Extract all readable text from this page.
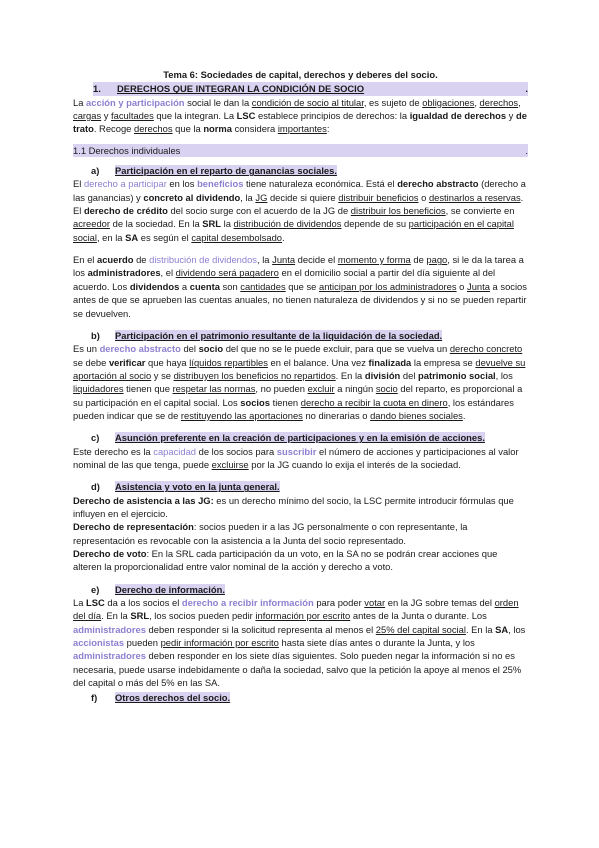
Tema 6: Sociedades de capital, derechos y deberes del socio.
1.	DERECHOS QUE INTEGRAN LA CONDICIÓN DE SOCIO	.

La acción y participación social le dan la condición de socio al titular, es sujeto de obligaciones, derechos, cargas y facultades que la integran. La LSC establece principios de derechos: la igualdad de derechos y de trato. Recoge derechos que la norma considera importantes:

1.1 Derechos individuales	.
a) Participación en el reparto de ganancias sociales.

El derecho a participar en los beneficios tiene naturaleza económica. Está el derecho abstracto (derecho a las ganancias) y concreto al dividendo, la JG decide si quiere distribuir beneficios o destinarlos a reservas. El derecho de crédito del socio surge con el acuerdo de la JG de distribuir los beneficios, se convierte en acreedor de la sociedad. En la SRL la distribución de dividendos depende de su participación en el capital social, en la SA es según el capital desembolsado.

En el acuerdo de distribución de dividendos, la Junta decide el momento y forma de pago, si le da la tarea a los administradores, el dividendo será pagadero en el domicilio social a partir del día siguiente al del acuerdo. Los dividendos a cuenta son cantidades que se anticipan por los administradores o Junta a socios antes de que se aprueben las cuentas anuales, no tienen naturaleza de dividendos y si no se pueden repartir se devuelven.

b) Participación en el patrimonio resultante de la liquidación de la sociedad.

Es un derecho abstracto del socio del que no se le puede excluir, para que se vuelva un derecho concreto se debe verificar que haya líquidos repartibles en el balance. Una vez finalizada la empresa se devuelve su aportación al socio y se distribuyen los beneficios no repartidos. En la división del patrimonio social, los liquidadores tienen que respetar las normas, no pueden excluir a ningún socio del reparto, es proporcional a su participación en el capital social. Los socios tienen derecho a recibir la cuota en dinero, los estándares pueden indicar que se de restituyendo las aportaciones no dinerarias o dando bienes sociales.

c) Asunción preferente en la creación de participaciones y en la emisión de acciones.

Este derecho es la capacidad de los socios para suscribir el número de acciones y participaciones al valor nominal de las que tenga, puede excluirse por la JG cuando lo exija el interés de la sociedad.

d) Asistencia y voto en la junta general.

Derecho de asistencia a las JG: es un derecho mínimo del socio, la LSC permite introducir fórmulas que influyen en el ejercicio.

Derecho de representación: socios pueden ir a las JG personalmente o con representante, la representación es revocable con la asistencia a la Junta del socio representado.

Derecho de voto: En la SRL cada participación da un voto, en la SA no se podrán crear acciones que alteren la proporcionalidad entre valor nominal de la acción y derecho a voto.

e) Derecho de información.

La LSC da a los socios el derecho a recibir información para poder votar en la JG sobre temas del orden del día. En la SRL, los socios pueden pedir información por escrito antes de la Junta o durante. Los administradores deben responder si la solicitud representa al menos el 25% del capital social. En la SA, los accionistas pueden pedir información por escrito hasta siete días antes o durante la Junta, y los administradores deben responder en los siete días siguientes. Solo pueden negar la información si no es necesaria, puede usarse indebidamente o daña la sociedad, salvo que la petición la apoye al menos el 25% del capital o más del 5% en las SA.

f) Otros derechos del socio.
